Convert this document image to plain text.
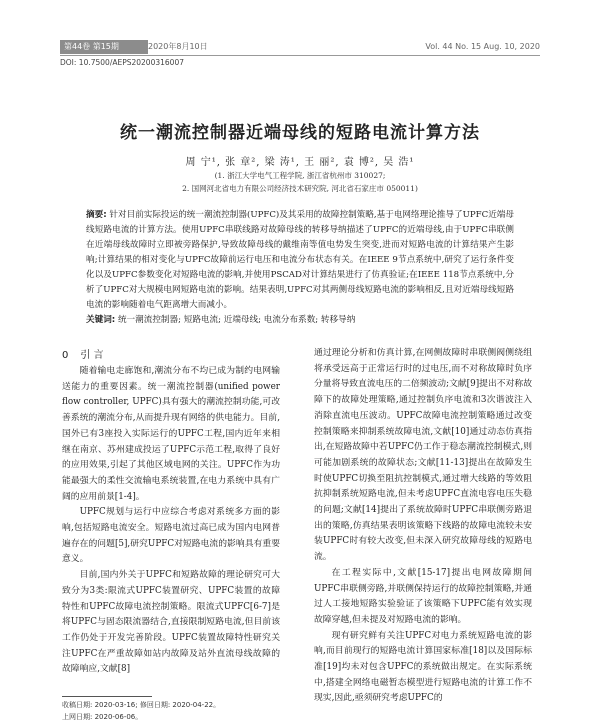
第44卷 第15期	2020年8月10日	Vol. 44 No. 15 Aug. 10, 2020
DOI: 10.7500/AEPS20200316007
统一潮流控制器近端母线的短路电流计算方法
周 宁¹, 张 章², 梁 涛¹, 王 丽², 袁 博², 吴 浩¹
(1. 浙江大学电气工程学院, 浙江省杭州市 310027;
2. 国网河北省电力有限公司经济技术研究院, 河北省石家庄市 050011)
摘要: 针对目前实际投运的统一潮流控制器(UPFC)及其采用的故障控制策略,基于电网络理论推导了UPFC近端母线短路电流的计算方法。使用UPFC串联线路对故障母线的转移导纳描述了UPFC的近端母线,由于UPFC串联侧在近端母线故障时立即被旁路保护,导致故障母线的戴维南等值电势发生突变,进而对短路电流的计算结果产生影响;计算结果的相对变化与UPFC故障前运行电压和电流分布状态有关。在IEEE 9节点系统中,研究了运行条件变化以及UPFC参数变化对短路电流的影响,并使用PSCAD对计算结果进行了仿真验证;在IEEE 118节点系统中,分析了UPFC对大规模电网短路电流的影响。结果表明,UPFC对其两侧母线短路电流的影响相反,且对近端母线短路电流的影响随着电气距离增大而减小。
关键词: 统一潮流控制器; 短路电流; 近端母线; 电流分布系数; 转移导纳
0 引 言

随着输电走廊饱和,潮流分布不均已成为制约电网输送能力的重要因素。统一潮流控制器(unified power flow controller, UPFC)具有强大的潮流控制功能,可改善系统的潮流分布,从而提升现有网络的供电能力。目前,国外已有3座投入实际运行的UPFC工程,国内近年来相继在南京、苏州建成投运了UPFC示范工程,取得了良好的应用效果,引起了其他区域电网的关注。UPFC作为功能最强大的柔性交流输电系统装置,在电力系统中具有广阔的应用前景[1-4]。

UPFC规划与运行中应综合考虑对系统多方面的影响,包括短路电流安全。短路电流过高已成为国内电网普遍存在的问题[5],研究UPFC对短路电流的影响具有重要意义。

目前,国内外关于UPFC和短路故障的理论研究可大致分为3类:限流式UPFC装置研究、UPFC装置的故障特性和UPFC故障电流控制策略。限流式UPFC[6-7]是将UPFC与固态限流器结合,直接限制短路电流,但目前该工作仍处于开发完善阶段。UPFC装置故障特性研究关注UPFC在严重故障如站内故障及站外直流母线故障的故障响应,文献[8]

通过理论分析和仿真计算,在网侧故障时串联侧阀侧绕组将承受远高于正常运行时的过电压,而不对称故障时负序分量将导致直流电压的二倍频波动;文献[9]提出不对称故障下的故障处理策略,通过控制负序电流和3次谐波注入消除直流电压波动。UPFC故障电流控制策略通过改变控制策略来抑制系统故障电流,文献[10]通过动态仿真指出,在短路故障中若UPFC仍工作于稳态潮流控制模式,则可能加剧系统的故障状态;文献[11-13]提出在故障发生时使UPFC切换至阻抗控制模式,通过增大线路的等效阻抗抑制系统短路电流,但未考虑UPFC直流电容电压失稳的问题;文献[14]提出了系统故障时UPFC串联侧旁路退出的策略,仿真结果表明该策略下线路的故障电流较未安装UPFC时有较大改变,但未深入研究故障母线的短路电流。

在工程实际中,文献[15-17]提出电网故障期间UPFC串联侧旁路,并联侧保持运行的故障控制策略,并通过人工接地短路实验验证了该策略下UPFC能有效实现故障穿越,但未提及对短路电流的影响。

现有研究鲜有关注UPFC对电力系统短路电流的影响,而目前现行的短路电流计算国家标准[18]以及国际标准[19]均未对包含UPFC的系统做出规定。在实际系统中,搭建全网络电磁暂态模型进行短路电流的计算工作不现实,因此,亟须研究考虑UPFC的

收稿日期: 2020-03-16; 修回日期: 2020-04-22。
上网日期: 2020-06-06。
